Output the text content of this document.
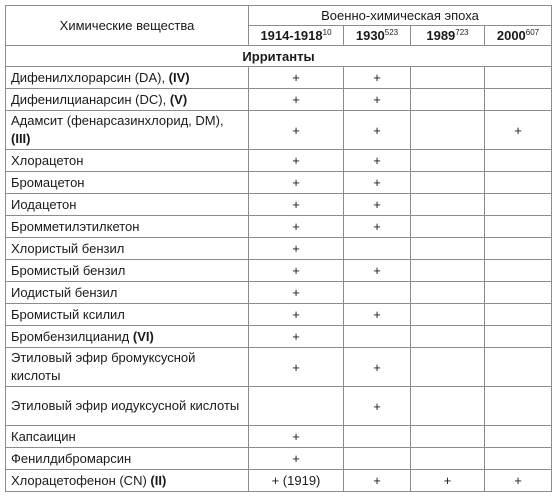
Химические вещества	Военно-химическая эпоха			
	1914-1918$^{10}$	1930$^{523}$	1989$^{723}$	2000$^{607}$
Ирританты				
Дифенилхлорарсин (DA), (IV)	+	+		
Дифенилцианарсин (DC), (V)	+	+		
Адамсит (фенарсазинхлорид, DM), (III)	+	+		+
Хлорацетон	+	+		
Бромацетон	+	+		
Иодацетон	+	+		
Бромметилэтилкетон	+	+		
Хлористый бензил	+			
Бромистый бензил	+	+		
Иодистый бензил	+			
Бромистый ксилил	+	+		
Бромбензилцианид (VI)	+			
Этиловый эфир бромуксусной кислоты	+	+		
Этиловый эфир иодуксусной кислоты		+		
Капсаицин	+			
Фенилдибромарсин	+			
Хлорацетофенон (CN) (II)	+ (1919)	+	+	+
